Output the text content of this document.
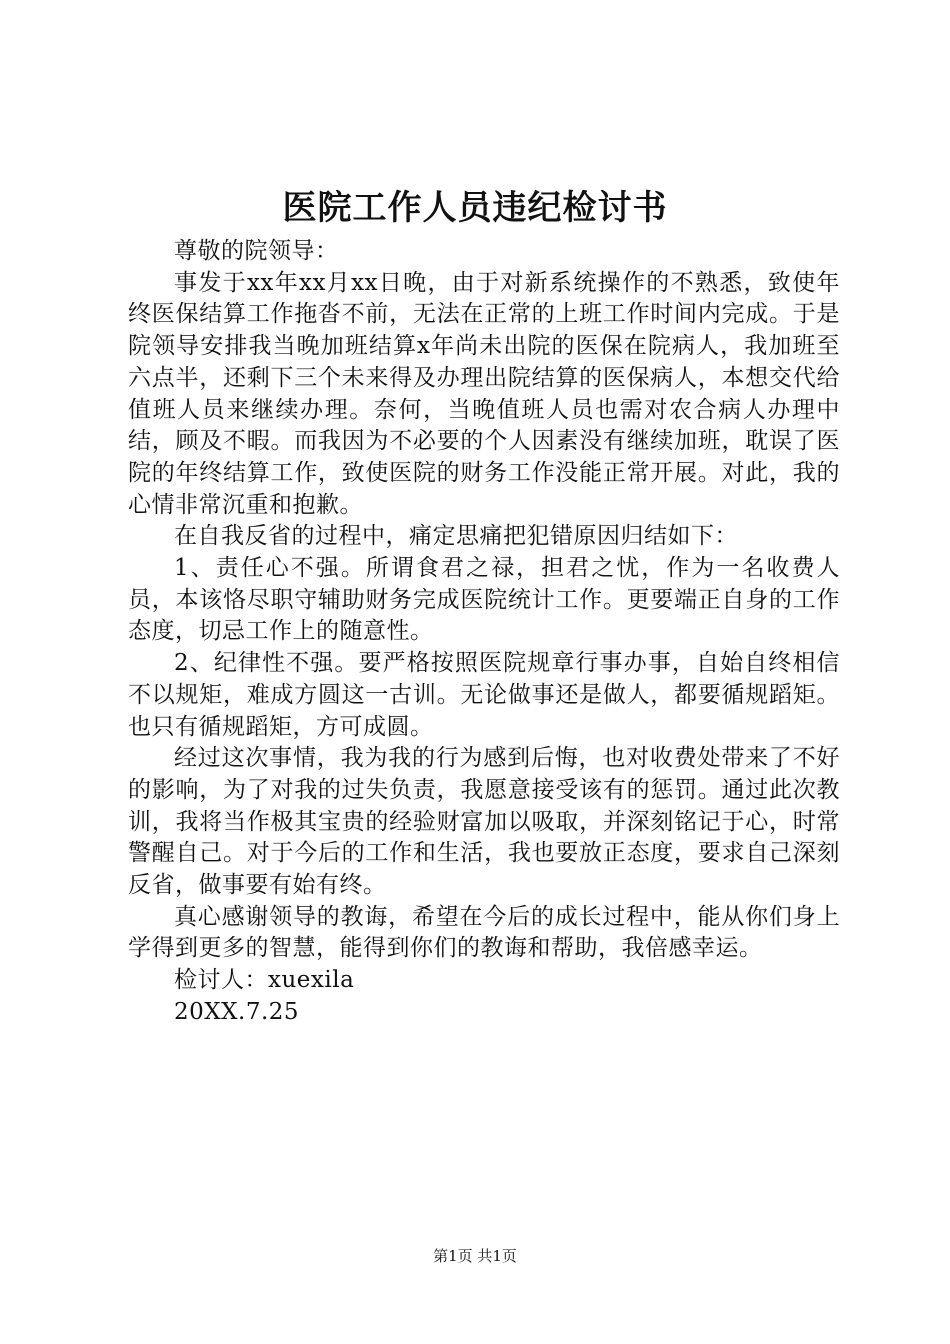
医院工作人员违纪检讨书

尊敬的院领导：

事发于xx年xx月xx日晚，由于对新系统操作的不熟悉，致使年终医保结算工作拖沓不前，无法在正常的上班工作时间内完成。于是院领导安排我当晚加班结算x年尚未出院的医保在院病人，我加班至六点半，还剩下三个未来得及办理出院结算的医保病人，本想交代给值班人员来继续办理。奈何，当晚值班人员也需对农合病人办理中结，顾及不暇。而我因为不必要的个人因素没有继续加班，耽误了医院的年终结算工作，致使医院的财务工作没能正常开展。对此，我的心情非常沉重和抱歉。

在自我反省的过程中，痛定思痛把犯错原因归结如下：

1、责任心不强。所谓食君之禄，担君之忧，作为一名收费人员，本该恪尽职守辅助财务完成医院统计工作。更要端正自身的工作态度，切忌工作上的随意性。

2、纪律性不强。要严格按照医院规章行事办事，自始自终相信不以规矩，难成方圆这一古训。无论做事还是做人，都要循规蹈矩。也只有循规蹈矩，方可成圆。

经过这次事情，我为我的行为感到后悔，也对收费处带来了不好的影响，为了对我的过失负责，我愿意接受该有的惩罚。通过此次教训，我将当作极其宝贵的经验财富加以吸取，并深刻铭记于心，时常警醒自己。对于今后的工作和生活，我也要放正态度，要求自己深刻反省，做事要有始有终。

真心感谢领导的教诲，希望在今后的成长过程中，能从你们身上学得到更多的智慧，能得到你们的教诲和帮助，我倍感幸运。

检讨人：xuexila

20XX.7.25

第1页 共1页
